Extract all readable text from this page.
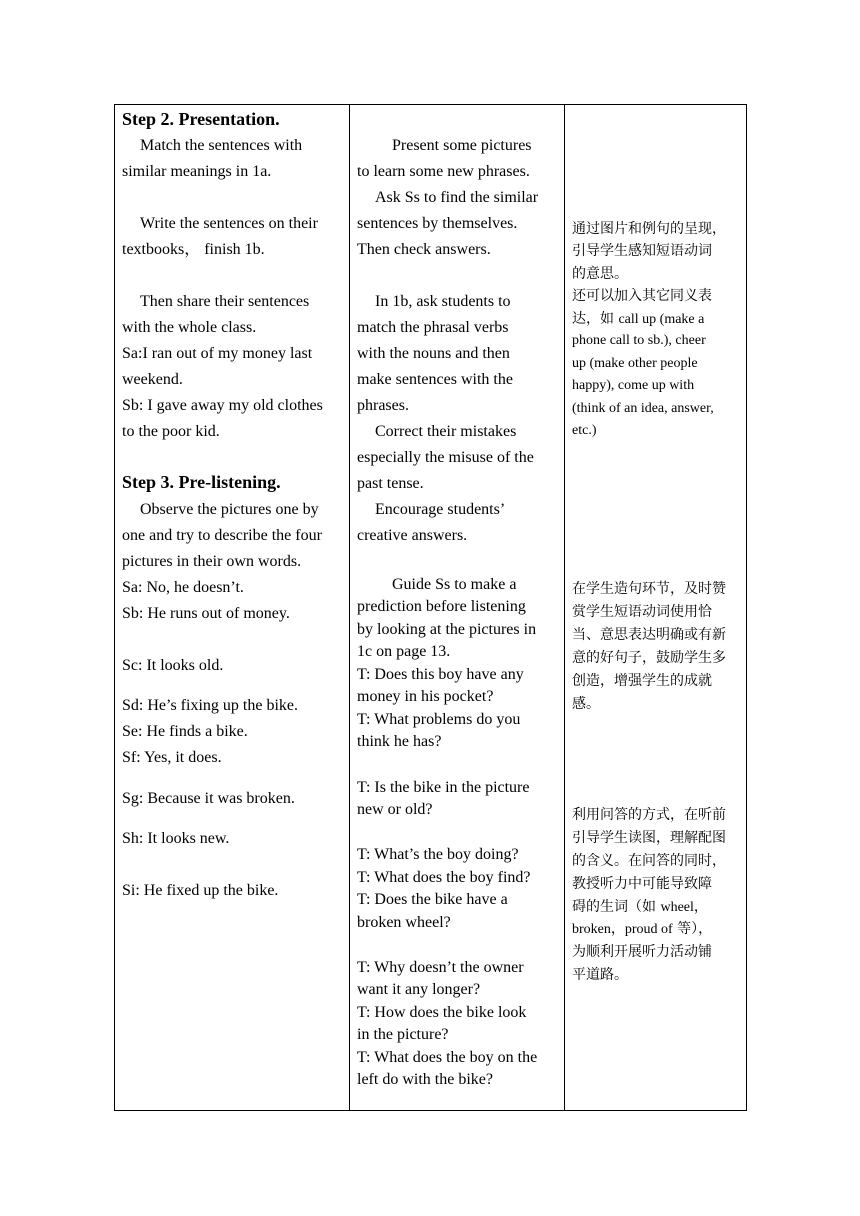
Step 2. Presentation.
Match the sentences with
similar meanings in 1a.
Write the sentences on their
textbooks， finish 1b.
Then share their sentences
with the whole class.
Sa:I ran out of my money last
weekend.
Sb: I gave away my old clothes
to the poor kid.
Step 3. Pre-listening.
Observe the pictures one by
one and try to describe the four
pictures in their own words.
Sa: No, he doesn’t.
Sb: He runs out of money.
Sc: It looks old.
Sd: He’s fixing up the bike.
Se: He finds a bike.
Sf: Yes, it does.
Sg: Because it was broken.
Sh: It looks new.
Si: He fixed up the bike.
Present some pictures
to learn some new phrases.
Ask Ss to find the similar
sentences by themselves.
Then check answers.
In 1b, ask students to
match the phrasal verbs
with the nouns and then
make sentences with the
phrases.
Correct their mistakes
especially the misuse of the
past tense.
Encourage students’
creative answers.
Guide Ss to make a
prediction before listening
by looking at the pictures in
1c on page 13.
T: Does this boy have any
money in his pocket?
T: What problems do you
think he has?
T: Is the bike in the picture
new or old?
T: What’s the boy doing?
T: What does the boy find?
T: Does the bike have a
broken wheel?
T: Why doesn’t the owner
want it any longer?
T: How does the bike look
in the picture?
T: What does the boy on the
left do with the bike?
通过图片和例句的呈现，
引导学生感知短语动词
的意思。
还可以加入其它同义表
达，如 call up (make a
phone call to sb.), cheer
up (make other people
happy), come up with
(think of an idea, answer,
etc.)
在学生造句环节，及时赞
赏学生短语动词使用恰
当、意思表达明确或有新
意的好句子，鼓励学生多
创造，增强学生的成就
感。
利用问答的方式，在听前
引导学生读图，理解配图
的含义。在问答的同时，
教授听力中可能导致障
碍的生词（如 wheel，
broken，proud of 等），
为顺利开展听力活动铺
平道路。
